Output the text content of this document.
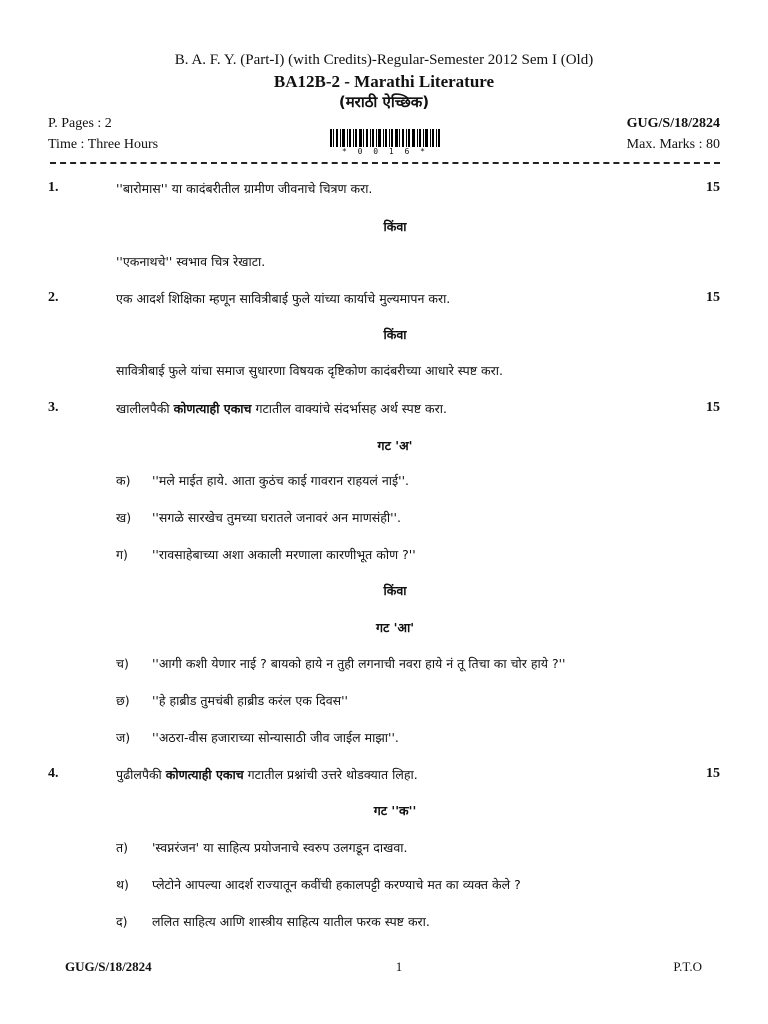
B. A. F. Y. (Part-I) (with Credits)-Regular-Semester 2012 Sem I (Old)
BA12B-2 - Marathi Literature
(मराठी ऐच्छिक)
P. Pages : 2
Time : Three Hours
GUG/S/18/2824
Max. Marks : 80
* 0 0 1 6 *
1.	''बारोमास'' या कादंबरीतील ग्रामीण जीवनाचे चित्रण करा.	15
किंवा
''एकनाथचे'' स्वभाव चित्र रेखाटा.
2.	एक आदर्श शिक्षिका म्हणून सावित्रीबाई फुले यांच्या कार्याचे मुल्यमापन करा.	15
किंवा
सावित्रीबाई फुले यांचा समाज सुधारणा विषयक दृष्टिकोण कादंबरीच्या आधारे स्पष्ट करा.
3.	खालीलपैकी कोणत्याही एकाच गटातील वाक्यांचे संदर्भासह अर्थ स्पष्ट करा.	15
गट 'अ'
क) ''मले माईत हाये. आता कुठंच काई गावरान राहयलं नाई''.
ख) ''सगळे सारखेच तुमच्या घरातले जनावरं अन माणसंही''.
ग) ''रावसाहेबाच्या अशा अकाली मरणाला कारणीभूत कोण ?''
किंवा
गट 'आ'
च) ''आगी कशी येणार नाई ? बायको हाये न तुही लगनाची नवरा हाये नं तू तिचा का चोर हाये ?''
छ) ''हे हाब्रीड तुमचंबी हाब्रीड करंल एक दिवस''
ज) ''अठरा-वीस हजाराच्या सोन्यासाठी जीव जाईल माझा''.
4.	पुढीलपैकी कोणत्याही एकाच गटातील प्रश्नांची उत्तरे थोडक्यात लिहा.	15
गट ''क''
त) 'स्वप्नरंजन' या साहित्य प्रयोजनाचे स्वरुप उलगडून दाखवा.
थ) प्लेटोने आपल्या आदर्श राज्यातून कवींची हकालपट्टी करण्याचे मत का व्यक्त केले ?
द) ललित साहित्य आणि शास्त्रीय साहित्य यातील फरक स्पष्ट करा.
GUG/S/18/2824	1	P.T.O
